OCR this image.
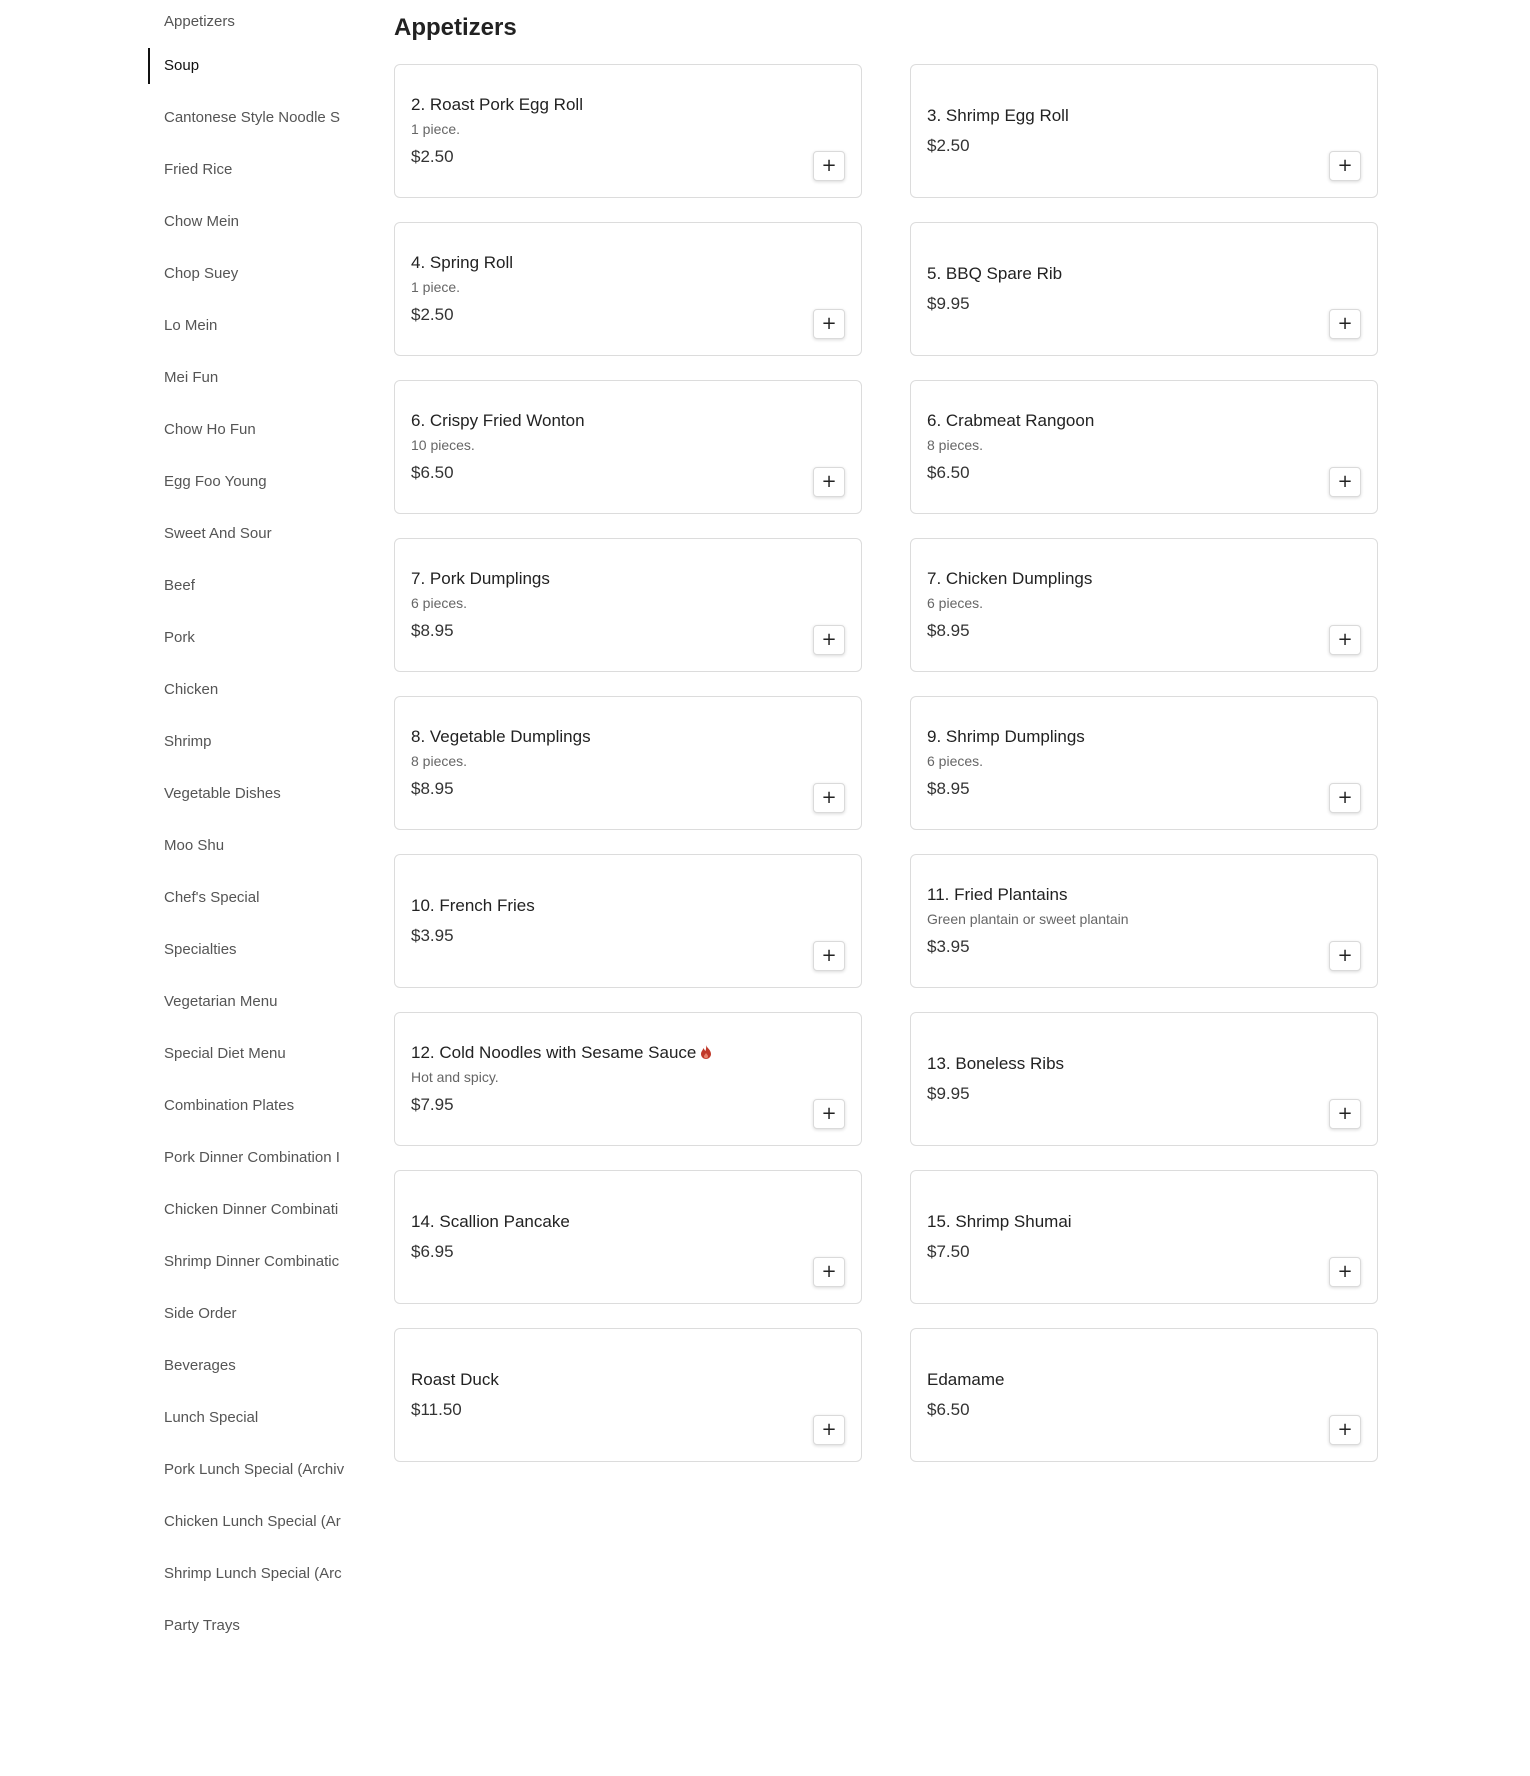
Appetizers
Soup
Cantonese Style Noodle S
Fried Rice
Chow Mein
Chop Suey
Lo Mein
Mei Fun
Chow Ho Fun
Egg Foo Young
Sweet And Sour
Beef
Pork
Chicken
Shrimp
Vegetable Dishes
Moo Shu
Chef's Special
Specialties
Vegetarian Menu
Special Diet Menu
Combination Plates
Pork Dinner Combination I
Chicken Dinner Combinati
Shrimp Dinner Combinatic
Side Order
Beverages
Lunch Special
Pork Lunch Special (Archiv
Chicken Lunch Special (Ar
Shrimp Lunch Special (Arc
Party Trays
Appetizers
2. Roast Pork Egg Roll
1 piece.
$2.50	+
3. Shrimp Egg Roll
$2.50
+
4. Spring Roll
1 piece.
$2.50	+
5. BBQ Spare Rib
$9.95
+
6. Crispy Fried Wonton
10 pieces.
$6.50	+
6. Crabmeat Rangoon
8 pieces.
$6.50	+
7. Pork Dumplings
6 pieces.
$8.95	+
7. Chicken Dumplings
6 pieces.
$8.95	+
8. Vegetable Dumplings
8 pieces.
$8.95	+
9. Shrimp Dumplings
6 pieces.
$8.95	+
10. French Fries
$3.95
+
11. Fried Plantains
Green plantain or sweet plantain
$3.95	+
12. Cold Noodles with Sesame Sauce
Hot and spicy.
$7.95	+
13. Boneless Ribs
$9.95
+
14. Scallion Pancake
$6.95
+
15. Shrimp Shumai
$7.50
+
Roast Duck
$11.50
+
Edamame
$6.50
+
